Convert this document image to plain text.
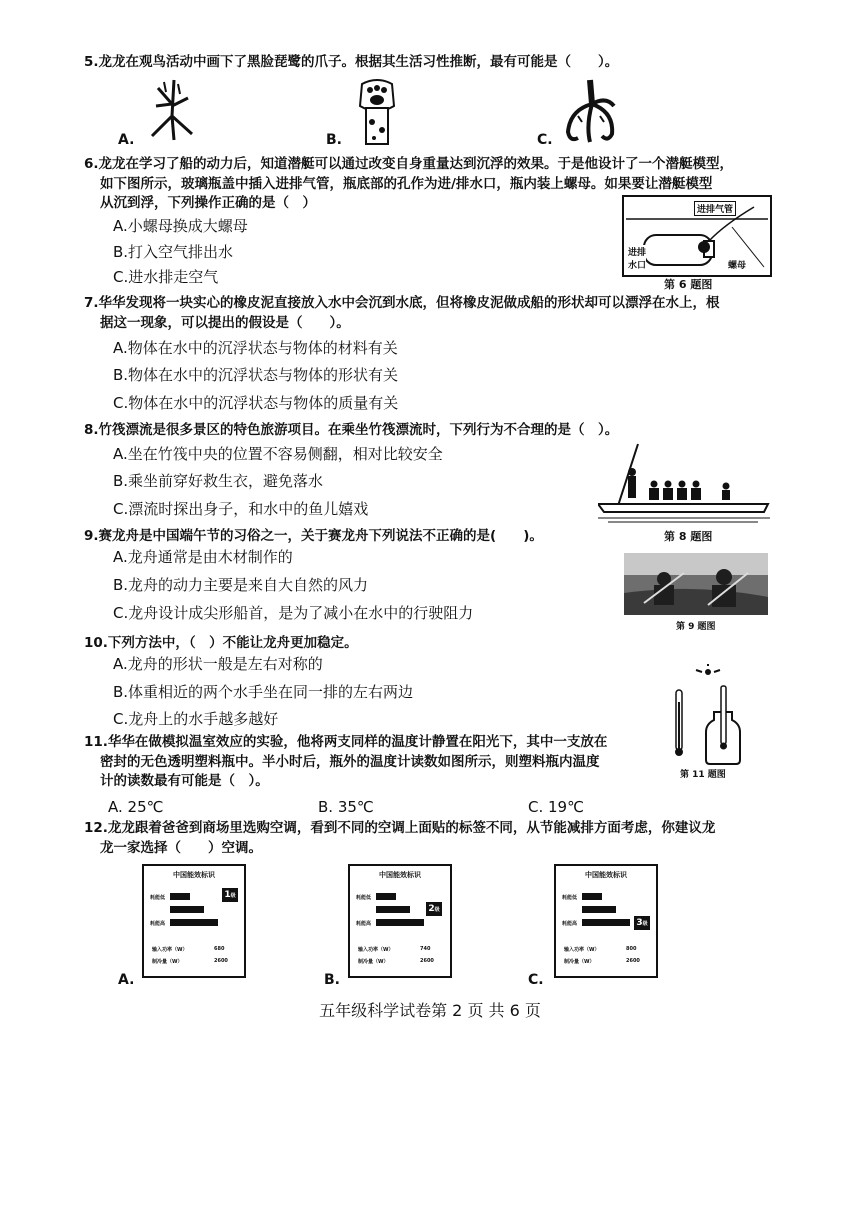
5.龙龙在观鸟活动中画下了黑脸琵鹭的爪子。根据其生活习性推断，最有可能是（　　）。
A.	B.	C.
6.龙龙在学习了船的动力后，知道潜艇可以通过改变自身重量达到沉浮的效果。于是他设计了一个潜艇模型，
如下图所示，玻璃瓶盖中插入进排气管，瓶底部的孔作为进/排水口，瓶内装上螺母。如果要让潜艇模型
从沉到浮，下列操作正确的是（　）
A.小螺母换成大螺母
B.打入空气排出水
C.进水排走空气
进排气管
进排
水口	螺母
第 6 题图
7.华华发现将一块实心的橡皮泥直接放入水中会沉到水底，但将橡皮泥做成船的形状却可以漂浮在水上，根
据这一现象，可以提出的假设是（　　）。
A.物体在水中的沉浮状态与物体的材料有关
B.物体在水中的沉浮状态与物体的形状有关
C.物体在水中的沉浮状态与物体的质量有关
8.竹筏漂流是很多景区的特色旅游项目。在乘坐竹筏漂流时，下列行为不合理的是（　）。
A.坐在竹筏中央的位置不容易侧翻，相对比较安全
B.乘坐前穿好救生衣，避免落水
C.漂流时探出身子，和水中的鱼儿嬉戏
第 8 题图
9.赛龙舟是中国端午节的习俗之一，关于赛龙舟下列说法不正确的是(　　)。
A.龙舟通常是由木材制作的
B.龙舟的动力主要是来自大自然的风力
C.龙舟设计成尖形船首，是为了减小在水中的行驶阻力
第 9 题图
10.下列方法中，（　）不能让龙舟更加稳定。
A.龙舟的形状一般是左右对称的
B.体重相近的两个水手坐在同一排的左右两边
C.龙舟上的水手越多越好
第 11 题图
11.华华在做模拟温室效应的实验，他将两支同样的温度计静置在阳光下，其中一支放在
密封的无色透明塑料瓶中。半小时后，瓶外的温度计读数如图所示，则塑料瓶内温度
计的读数最有可能是（　）。
A. 25℃	B. 35℃	C. 19℃
12.龙龙跟着爸爸到商场里选购空调，看到不同的空调上面贴的标签不同，从节能减排方面考虑，你建议龙
龙一家选择（　　）空调。
中国能效标识
耗能低
耗能高
1级
输入功率（W）	680
制冷量（W）	2600
A.
中国能效标识
耗能低
耗能高
2级
输入功率（W）	740
制冷量（W）	2600
B.
中国能效标识
耗能低
耗能高	3级
输入功率（W）	800
制冷量（W）	2600
C.
五年级科学试卷第 2 页 共 6 页
